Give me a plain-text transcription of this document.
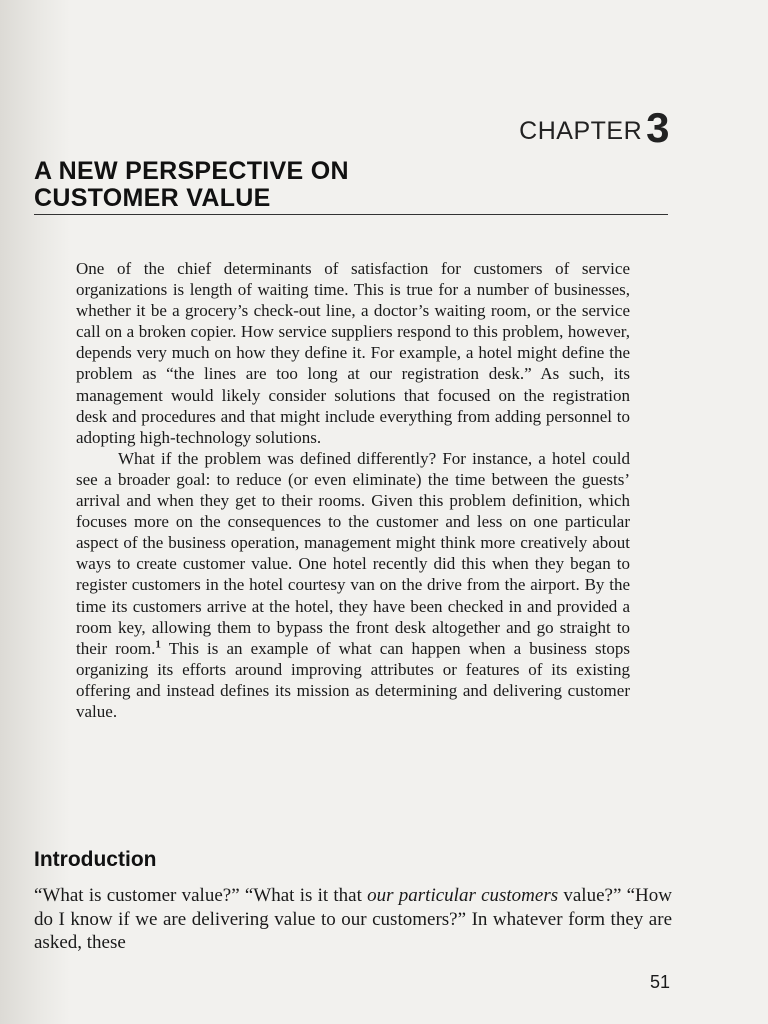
CHAPTER3
A NEW PERSPECTIVE ON
CUSTOMER VALUE

One of the chief determinants of satisfaction for customers of service organizations is length of waiting time. This is true for a number of businesses, whether it be a grocery’s check-out line, a doctor’s waiting room, or the service call on a broken copier. How service suppliers respond to this problem, however, depends very much on how they define it. For example, a hotel might define the problem as “the lines are too long at our registration desk.” As such, its management would likely consider solutions that focused on the registration desk and procedures and that might include everything from adding personnel to adopting high-technology solutions.

What if the problem was defined differently? For instance, a hotel could see a broader goal: to reduce (or even eliminate) the time between the guests’ arrival and when they get to their rooms. Given this problem definition, which focuses more on the consequences to the customer and less on one particular aspect of the business operation, management might think more creatively about ways to create customer value. One hotel recently did this when they began to register customers in the hotel courtesy van on the drive from the airport. By the time its customers arrive at the hotel, they have been checked in and provided a room key, allowing them to bypass the front desk altogether and go straight to their room.$^1$ This is an example of what can happen when a business stops organizing its efforts around improving attributes or features of its existing offering and instead defines its mission as determining and delivering customer value.

Introduction

“What is customer value?” “What is it that our particular customers value?” “How do I know if we are delivering value to our customers?” In whatever form they are asked, these

51
